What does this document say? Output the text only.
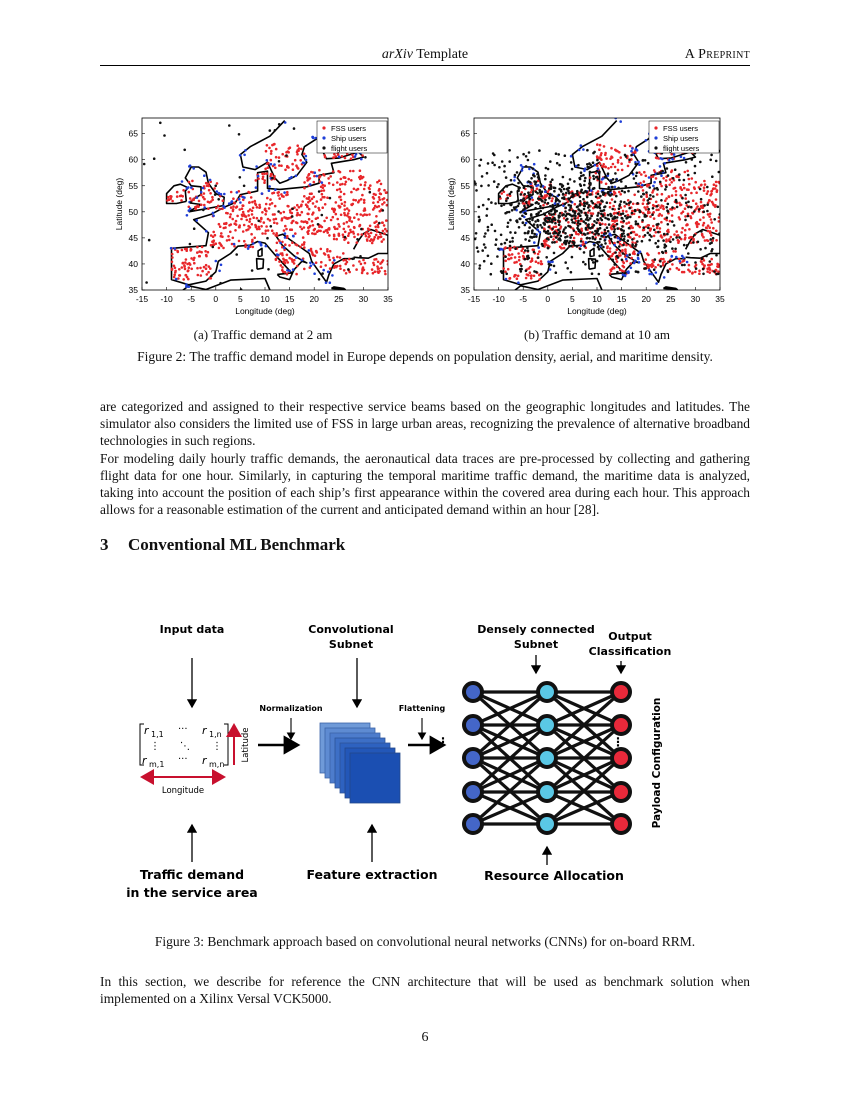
arXiv Template	A Preprint
-15 -10 -5 0 5 10 15 20 25 30 35
35
40
45
50
55
60
65
Longitude (deg)
Latitude (deg)
FSS users
Ship users
flight users
-15 -10 -5 0 5 10 15 20 25 30 35
35
40
45
50
55
60
65
Longitude (deg)
Latitude (deg)
FSS users
Ship users
flight users
(a) Traffic demand at 2 am	(b) Traffic demand at 10 am
Figure 2: The traffic demand model in Europe depends on population density, aerial, and maritime density.
are categorized and assigned to their respective service beams based on the geographic longitudes and latitudes. The simulator also considers the limited use of FSS in large urban areas, recognizing the prevalence of alternative broadband technologies in such regions.
For modeling daily hourly traffic demands, the aeronautical data traces are pre-processed by collecting and gathering flight data for one hour. Similarly, in capturing the temporal maritime traffic demand, the maritime data is analyzed, taking into account the position of each ship’s first appearance within the covered area during each hour. This approach allows for a reasonable estimation of the current and anticipated demand within an hour [28].
3 Conventional ML Benchmark
Input data	Convolutional
Subnet
Densely connected
Subnet
Output
Classification
Normalization	Flattening
r 1,1 ··· r 1,n
⋮ ⋱ ⋮
r m,1 ··· r m,n
Latitude
Longitude
⋮	⋮	Payload Configuration
Traffic demand
in the service area
Feature extraction	Resource Allocation
Figure 3: Benchmark approach based on convolutional neural networks (CNNs) for on-board RRM.
In this section, we describe for reference the CNN architecture that will be used as benchmark solution when implemented on a Xilinx Versal VCK5000.
6
